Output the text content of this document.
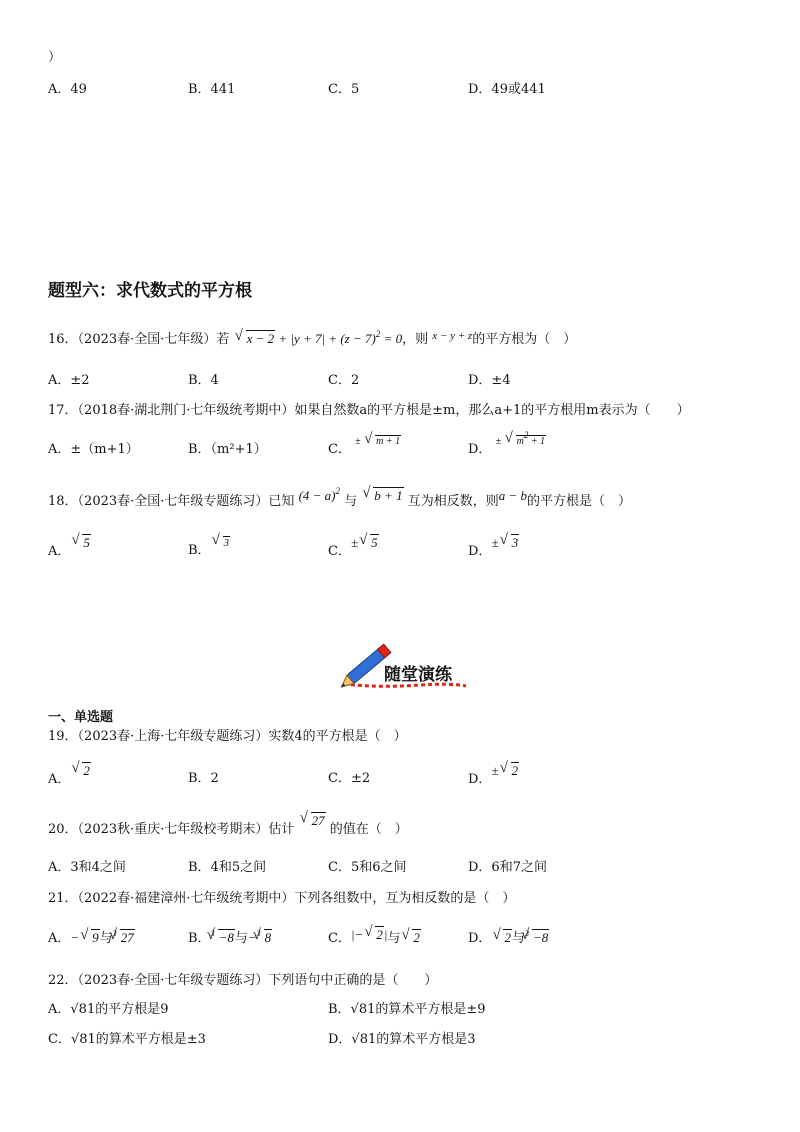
）
A．49	B．441	C．5	D．49或441
题型六：求代数式的平方根
16．（2023春·全国·七年级）若 √ $x - 2 + |y + 7| + (z - 7)^2 = 0$，则 $^{x - y + z}$的平方根为（　）
A．±2	B．4	C．2	D．±4
17．（2018春·湖北荆门·七年级统考期中）如果自然数a的平方根是±m，那么a+1的平方根用m表示为（　　）
A．±（m+1）	B．（m²+1）	C． $^{\pm √ m + 1}$
D． $^{\pm √ m2 + 1}$
18．（2023春·全国·七年级专题练习）已知 $(4 - a)^2$ 与 √ b + 1 互为相反数，则a − b的平方根是（　）
A．√ 5
B． √ $^3$
C．± √ 5
D．± √ 3
随堂演练
一、单选题
19．（2023春·上海·七年级专题练习）实数4的平方根是（　）
A．√ 2
B．2	C．±2	D．± √ 2
20．（2023秋·重庆·七年级校考期末）估计 √ 27 的值在（　）
A．3和4之间	B．4和5之间	C．5和6之间	D．6和7之间
21．（2022春·福建漳州·七年级统考期中）下列各组数中，互为相反数的是（　）
A．− √ 9与$^3$ √ 27	B．$^3$ √ −8与−$^3$ √ 8	C．|− √ 2|与 √ 2	D． √ 2与$^3$ √ −8
22．（2023春·全国·七年级专题练习）下列语句中正确的是（　　）
A．√81的平方根是9	B．√81的算术平方根是±9
C．√81的算术平方根是±3	D．√81的算术平方根是3
